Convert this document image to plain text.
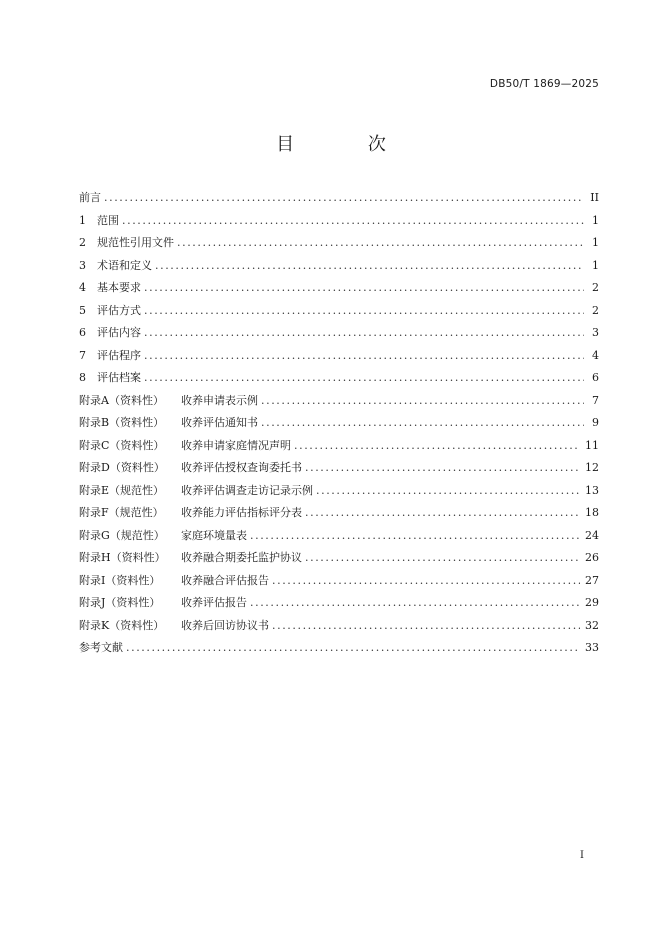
DB50/T 1869—2025
目 次
前言 .....	II
1	范围 .....	1
2	规范性引用文件 .....	1
3	术语和定义 .....	1
4	基本要求 .....	2
5	评估方式 .....	2
6	评估内容 .....	3
7	评估程序 .....	4
8	评估档案 .....	6
附录A（资料性）	收养申请表示例 .....	7
附录B（资料性）	收养评估通知书 .....	9
附录C（资料性）	收养申请家庭情况声明 .....	11
附录D（资料性）	收养评估授权查询委托书 .....	12
附录E（规范性）	收养评估调查走访记录示例 .....	13
附录F（规范性）	收养能力评估指标评分表 .....	18
附录G（规范性）	家庭环境量表 .....	24
附录H（资料性）	收养融合期委托监护协议 .....	26
附录I（资料性）	收养融合评估报告 .....	27
附录J（资料性）	收养评估报告 .....	29
附录K（资料性）	收养后回访协议书 .....	32
参考文献 .....	33
I
